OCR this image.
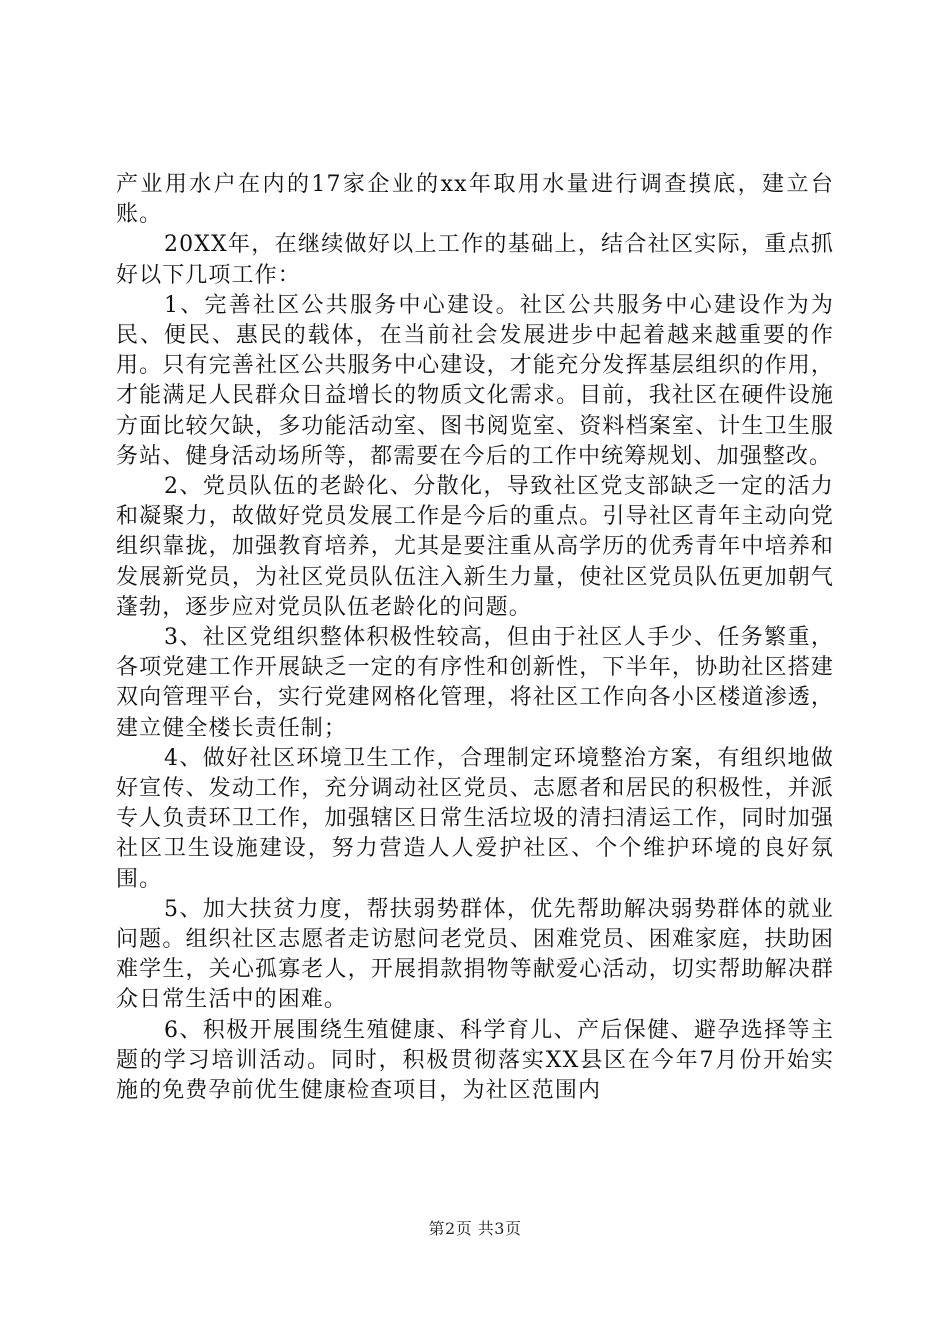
产业用水户在内的17家企业的xx年取用水量进行调查摸底，建立台账。

20XX年，在继续做好以上工作的基础上，结合社区实际，重点抓好以下几项工作：

1、完善社区公共服务中心建设。社区公共服务中心建设作为为民、便民、惠民的载体，在当前社会发展进步中起着越来越重要的作用。只有完善社区公共服务中心建设，才能充分发挥基层组织的作用，才能满足人民群众日益增长的物质文化需求。目前，我社区在硬件设施方面比较欠缺，多功能活动室、图书阅览室、资料档案室、计生卫生服务站、健身活动场所等，都需要在今后的工作中统筹规划、加强整改。

2、党员队伍的老龄化、分散化，导致社区党支部缺乏一定的活力和凝聚力，故做好党员发展工作是今后的重点。引导社区青年主动向党组织靠拢，加强教育培养，尤其是要注重从高学历的优秀青年中培养和发展新党员，为社区党员队伍注入新生力量，使社区党员队伍更加朝气蓬勃，逐步应对党员队伍老龄化的问题。

3、社区党组织整体积极性较高，但由于社区人手少、任务繁重，各项党建工作开展缺乏一定的有序性和创新性，下半年，协助社区搭建双向管理平台，实行党建网格化管理，将社区工作向各小区楼道渗透，建立健全楼长责任制；

4、做好社区环境卫生工作，合理制定环境整治方案，有组织地做好宣传、发动工作，充分调动社区党员、志愿者和居民的积极性，并派专人负责环卫工作，加强辖区日常生活垃圾的清扫清运工作，同时加强社区卫生设施建设，努力营造人人爱护社区、个个维护环境的良好氛围。

5、加大扶贫力度，帮扶弱势群体，优先帮助解决弱势群体的就业问题。组织社区志愿者走访慰问老党员、困难党员、困难家庭，扶助困难学生，关心孤寡老人，开展捐款捐物等献爱心活动，切实帮助解决群众日常生活中的困难。

6、积极开展围绕生殖健康、科学育儿、产后保健、避孕选择等主题的学习培训活动。同时，积极贯彻落实XX县区在今年7月份开始实施的免费孕前优生健康检查项目，为社区范围内

第2页 共3页
